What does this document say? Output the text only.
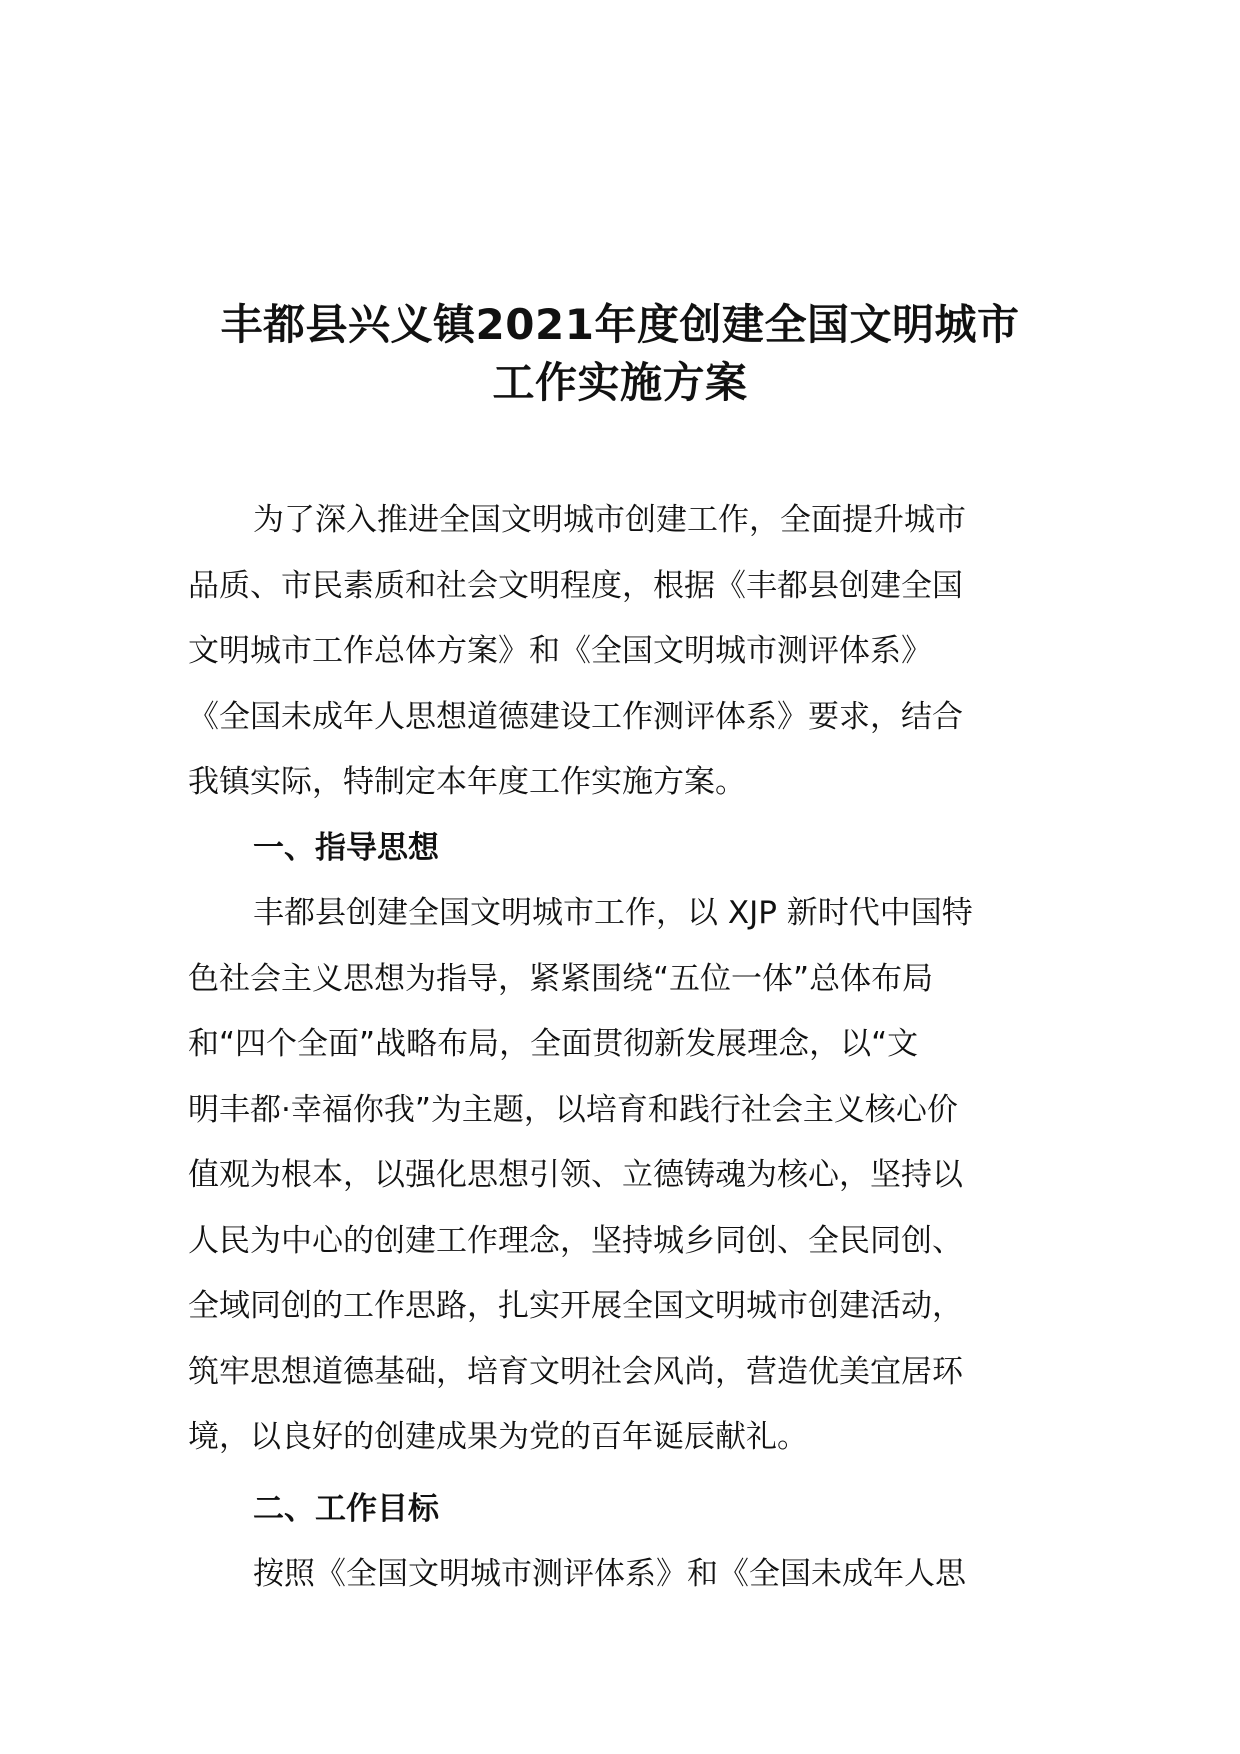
丰都县兴义镇2021年度创建全国文明城市
工作实施方案
为了深入推进全国文明城市创建工作，全面提升城市
品质、市民素质和社会文明程度，根据《丰都县创建全国
文明城市工作总体方案》和《全国文明城市测评体系》
《全国未成年人思想道德建设工作测评体系》要求，结合
我镇实际，特制定本年度工作实施方案。
一、指导思想
丰都县创建全国文明城市工作，以 XJP 新时代中国特
色社会主义思想为指导，紧紧围绕“五位一体”总体布局
和“四个全面”战略布局，全面贯彻新发展理念，以“文
明丰都·幸福你我”为主题，以培育和践行社会主义核心价
值观为根本，以强化思想引领、立德铸魂为核心，坚持以
人民为中心的创建工作理念，坚持城乡同创、全民同创、
全域同创的工作思路，扎实开展全国文明城市创建活动，
筑牢思想道德基础，培育文明社会风尚，营造优美宜居环
境，以良好的创建成果为党的百年诞辰献礼。
二、工作目标
按照《全国文明城市测评体系》和《全国未成年人思
